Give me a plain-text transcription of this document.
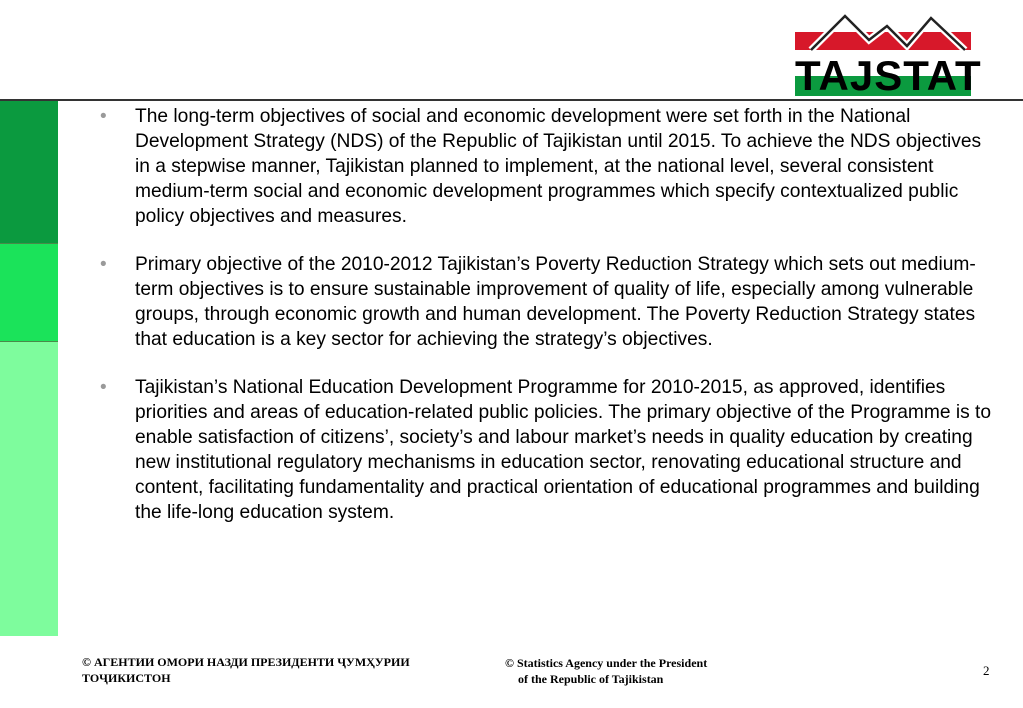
TAJSTAT
• The long-term objectives of social and economic development were set forth in the National Development Strategy (NDS) of the Republic of Tajikistan until 2015. To achieve the NDS objectives in a stepwise manner, Tajikistan planned to implement, at the national level, several consistent medium-term social and economic development programmes which specify contextualized public policy objectives and measures.
• Primary objective of the 2010-2012 Tajikistan’s Poverty Reduction Strategy which sets out medium-term objectives is to ensure sustainable improvement of quality of life, especially among vulnerable groups, through economic growth and human development. The Poverty Reduction Strategy states that education is a key sector for achieving the strategy’s objectives.
• Tajikistan’s National Education Development Programme for 2010-2015, as approved, identifies priorities and areas of education-related public policies. The primary objective of the Programme is to enable satisfaction of citizens’, society’s and labour market’s needs in quality education by creating new institutional regulatory mechanisms in education sector, renovating educational structure and content, facilitating fundamentality and practical orientation of educational programmes and building the life-long education system.
© АГЕНТИИ ОМОРИ НАЗДИ ПРЕЗИДЕНТИ ҶУМҲУРИИ ТОҶИКИСТОН
© Statistics Agency under the President
of the Republic of Tajikistan
2
